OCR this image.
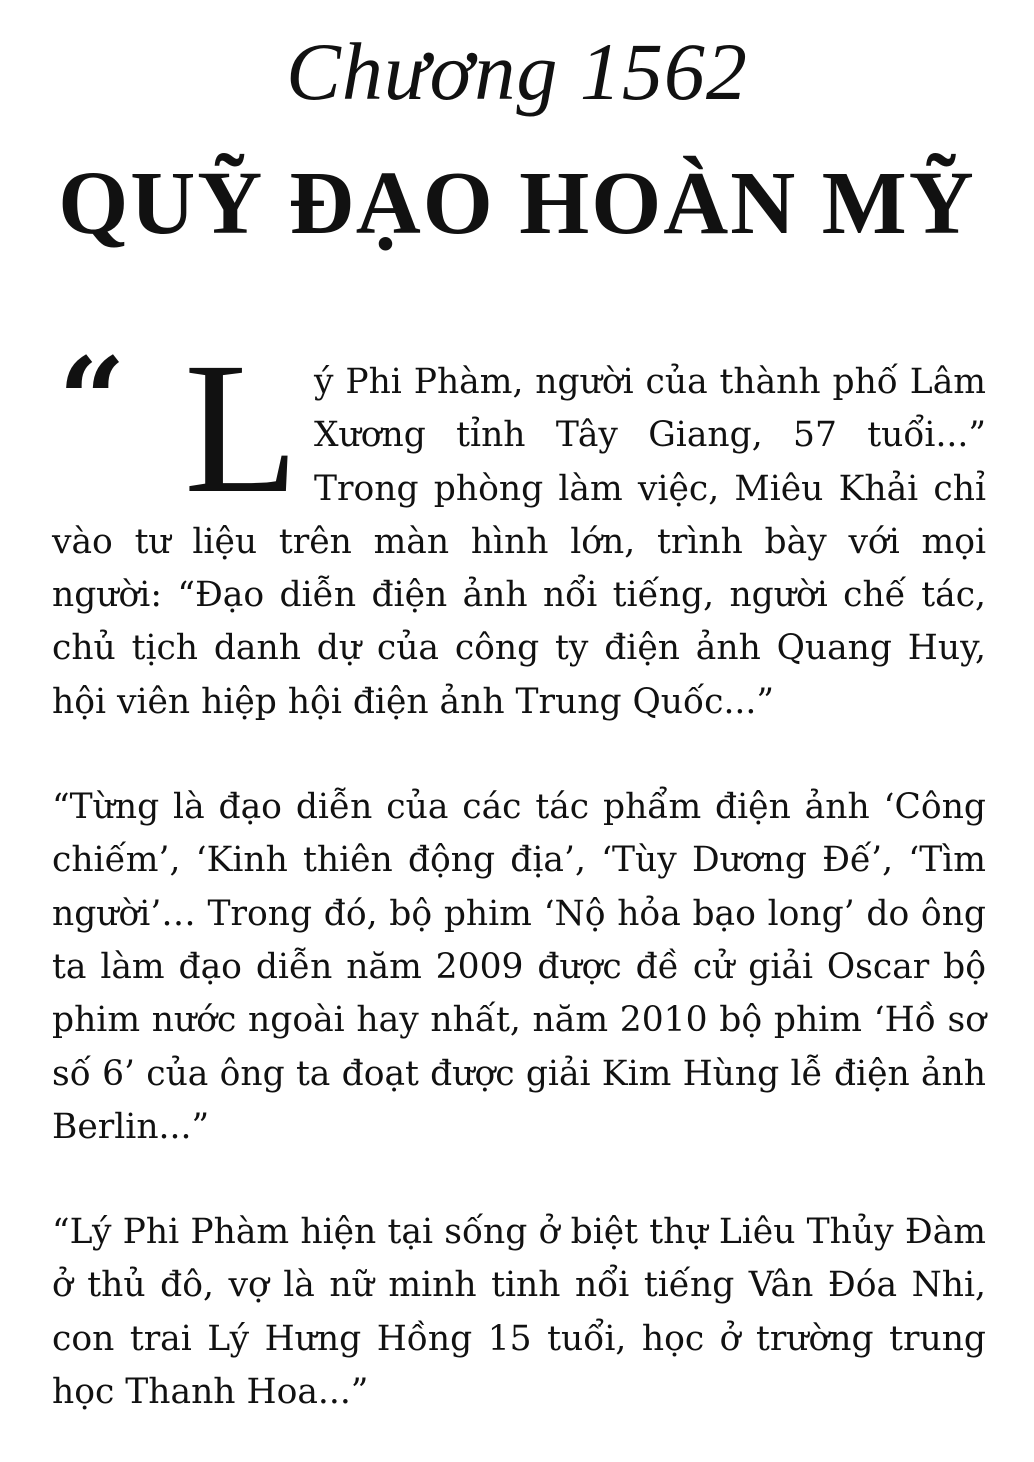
Chương 1562
QUỸ ĐẠO HOÀN MỸ
“ L ý Phi Phàm, người của thành phố Lâm Xương tỉnh Tây Giang, 57 tuổi...” Trong phòng làm việc, Miêu Khải chỉ vào tư liệu trên màn hình lớn, trình bày với mọi người: “Đạo diễn điện ảnh nổi tiếng, người chế tác, chủ tịch danh dự của công ty điện ảnh Quang Huy, hội viên hiệp hội điện ảnh Trung Quốc...”

“Từng là đạo diễn của các tác phẩm điện ảnh ‘Công chiếm’, ‘Kinh thiên động địa’, ‘Tùy Dương Đế’, ‘Tìm người’… Trong đó, bộ phim ‘Nộ hỏa bạo long’ do ông ta làm đạo diễn năm 2009 được đề cử giải Oscar bộ phim nước ngoài hay nhất, năm 2010 bộ phim ‘Hồ sơ số 6’ của ông ta đoạt được giải Kim Hùng lễ điện ảnh Berlin...”

“Lý Phi Phàm hiện tại sống ở biệt thự Liêu Thủy Đàm ở thủ đô, vợ là nữ minh tinh nổi tiếng Vân Đóa Nhi, con trai Lý Hưng Hồng 15 tuổi, học ở trường trung học Thanh Hoa...”
